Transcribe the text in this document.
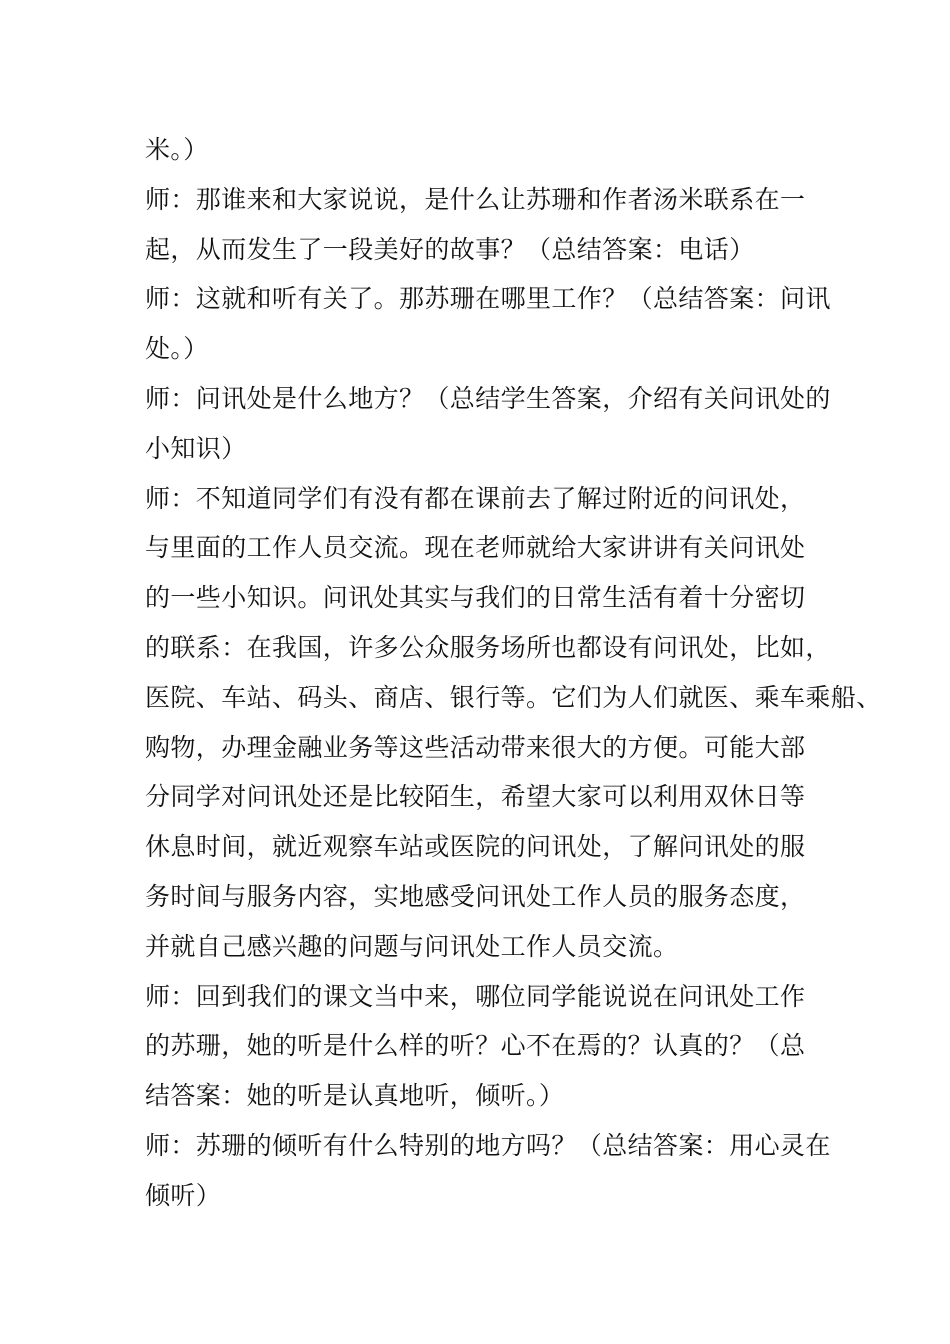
米。）
师：那谁来和大家说说，是什么让苏珊和作者汤米联系在一
起，从而发生了一段美好的故事？（总结答案：电话）
师：这就和听有关了。那苏珊在哪里工作？（总结答案：问讯
处。）
师：问讯处是什么地方？（总结学生答案，介绍有关问讯处的
小知识）
师：不知道同学们有没有都在课前去了解过附近的问讯处，
与里面的工作人员交流。现在老师就给大家讲讲有关问讯处
的一些小知识。问讯处其实与我们的日常生活有着十分密切
的联系：在我国，许多公众服务场所也都设有问讯处，比如，
医院、车站、码头、商店、银行等。它们为人们就医、乘车乘船、
购物，办理金融业务等这些活动带来很大的方便。可能大部
分同学对问讯处还是比较陌生，希望大家可以利用双休日等
休息时间，就近观察车站或医院的问讯处，了解问讯处的服
务时间与服务内容，实地感受问讯处工作人员的服务态度，
并就自己感兴趣的问题与问讯处工作人员交流。
师：回到我们的课文当中来，哪位同学能说说在问讯处工作
的苏珊，她的听是什么样的听？心不在焉的？认真的？（总
结答案：她的听是认真地听，倾听。）
师：苏珊的倾听有什么特别的地方吗？（总结答案：用心灵在
倾听）
